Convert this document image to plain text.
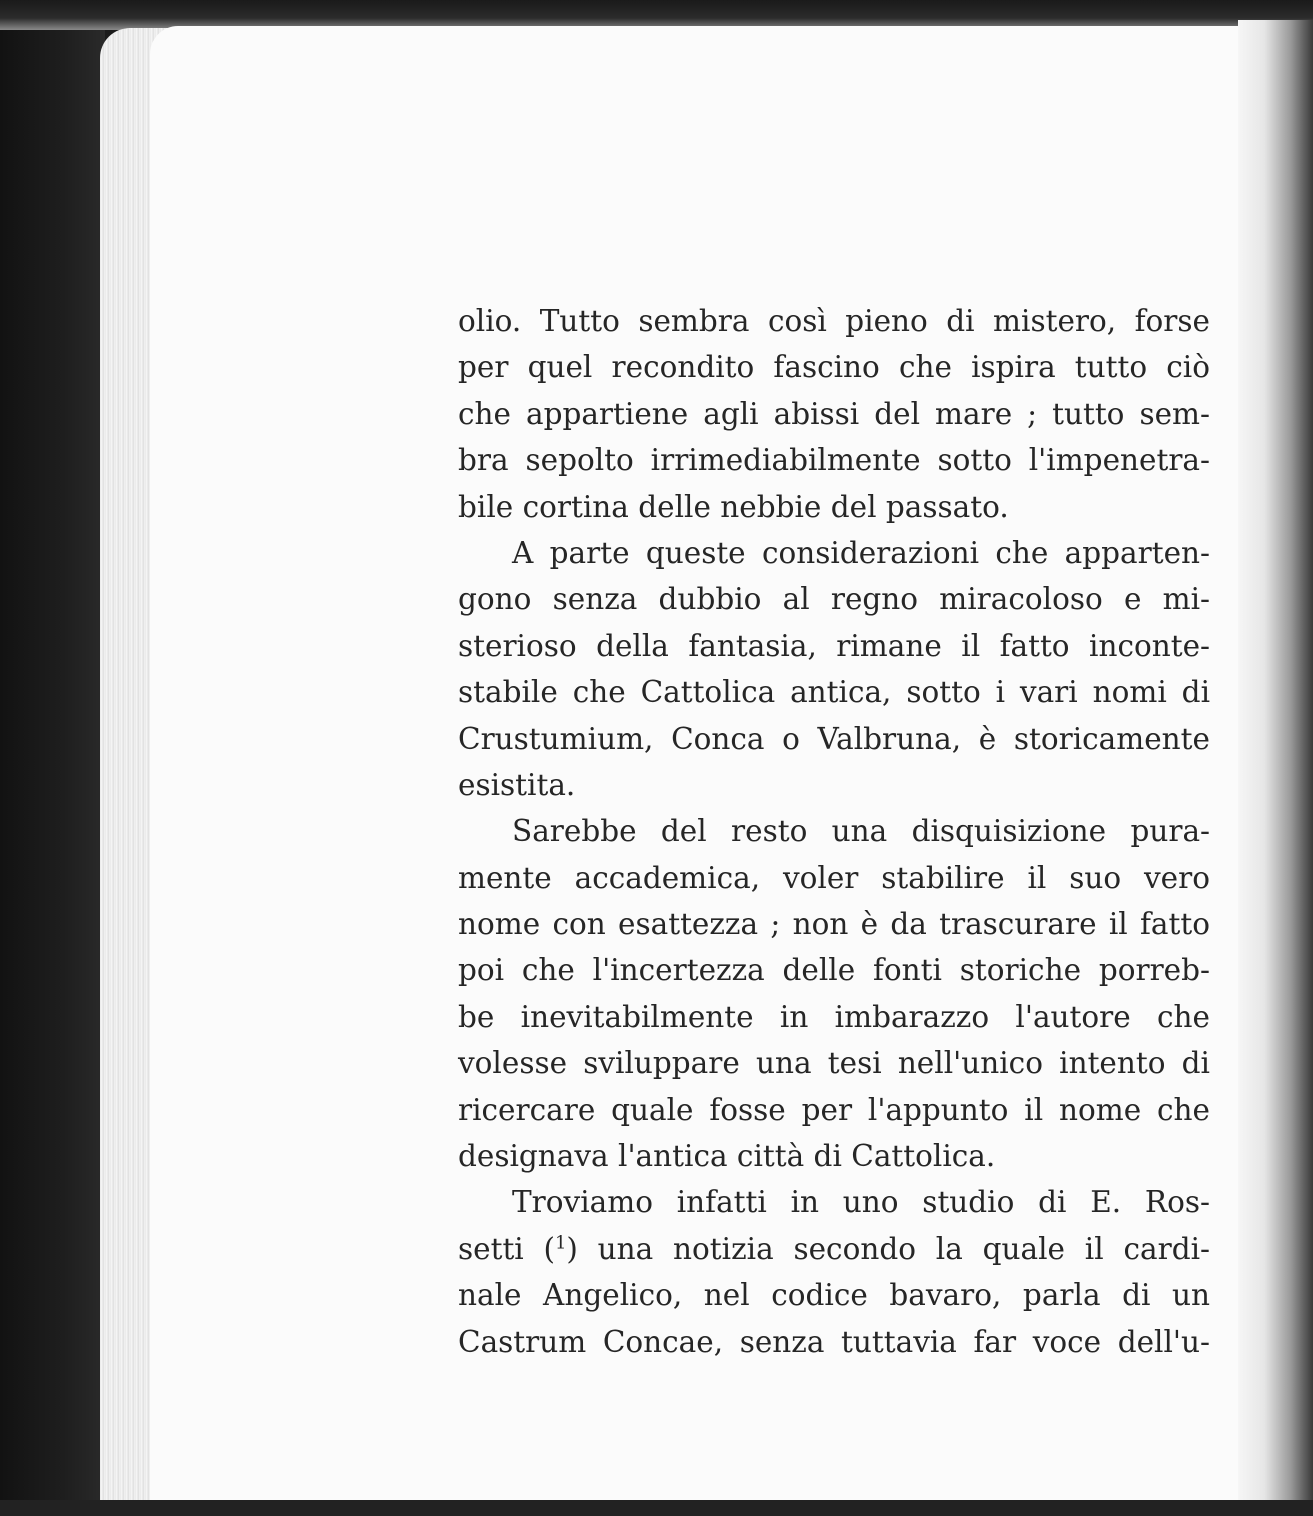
olio. Tutto sembra così pieno di mistero, forse
per quel recondito fascino che ispira tutto ciò
che appartiene agli abissi del mare ; tutto sem-
bra sepolto irrimediabilmente sotto l'impenetra-
bile cortina delle nebbie del passato.
A parte queste considerazioni che apparten-
gono senza dubbio al regno miracoloso e mi-
sterioso della fantasia, rimane il fatto inconte-
stabile che Cattolica antica, sotto i vari nomi di
Crustumium, Conca o Valbruna, è storicamente
esistita.
Sarebbe del resto una disquisizione pura-
mente accademica, voler stabilire il suo vero
nome con esattezza ; non è da trascurare il fatto
poi che l'incertezza delle fonti storiche porreb-
be inevitabilmente in imbarazzo l'autore che
volesse sviluppare una tesi nell'unico intento di
ricercare quale fosse per l'appunto il nome che
designava l'antica città di Cattolica.
Troviamo infatti in uno studio di E. Ros-
setti ($^1$) una notizia secondo la quale il cardi-
nale Angelico, nel codice bavaro, parla di un
Castrum Concae, senza tuttavia far voce dell'u-
